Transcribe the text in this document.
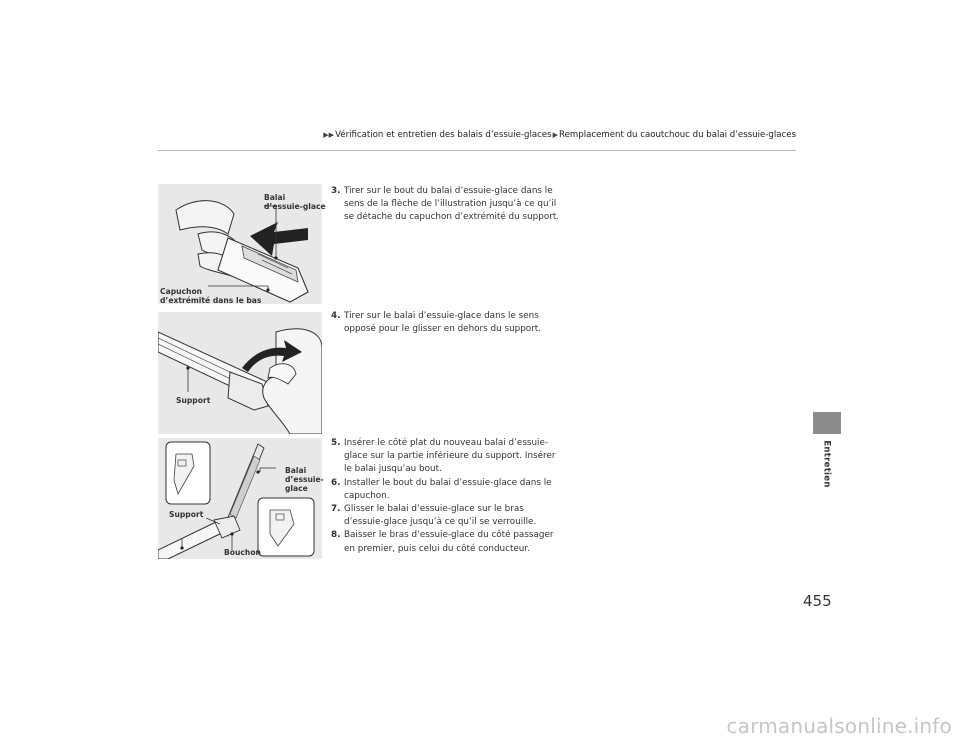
▶▶ Vérification et entretien des balais d’essuie-glaces ▶ Remplacement du caoutchouc du balai d’essuie-glaces
Entretien
Balai
d’essuie-glace
Capuchon
d’extrémité dans le bas
Support
Balai
d’essuie-
glace
Support
Bouchon
3. Tirer sur le bout du balai d’essuie-glace dans le sens de la flèche de l’illustration jusqu’à ce qu’il se détache du capuchon d’extrémité du support.
4. Tirer sur le balai d’essuie-glace dans le sens opposé pour le glisser en dehors du support.
5. Insérer le côté plat du nouveau balai d’essuie-glace sur la partie inférieure du support. Insérer le balai jusqu’au bout.
6. Installer le bout du balai d’essuie-glace dans le capuchon.
7. Glisser le balai d’essuie-glace sur le bras d’essuie-glace jusqu’à ce qu’il se verrouille.
8. Baisser le bras d’essuie-glace du côté passager en premier, puis celui du côté conducteur.
455
carmanualsonline.info
